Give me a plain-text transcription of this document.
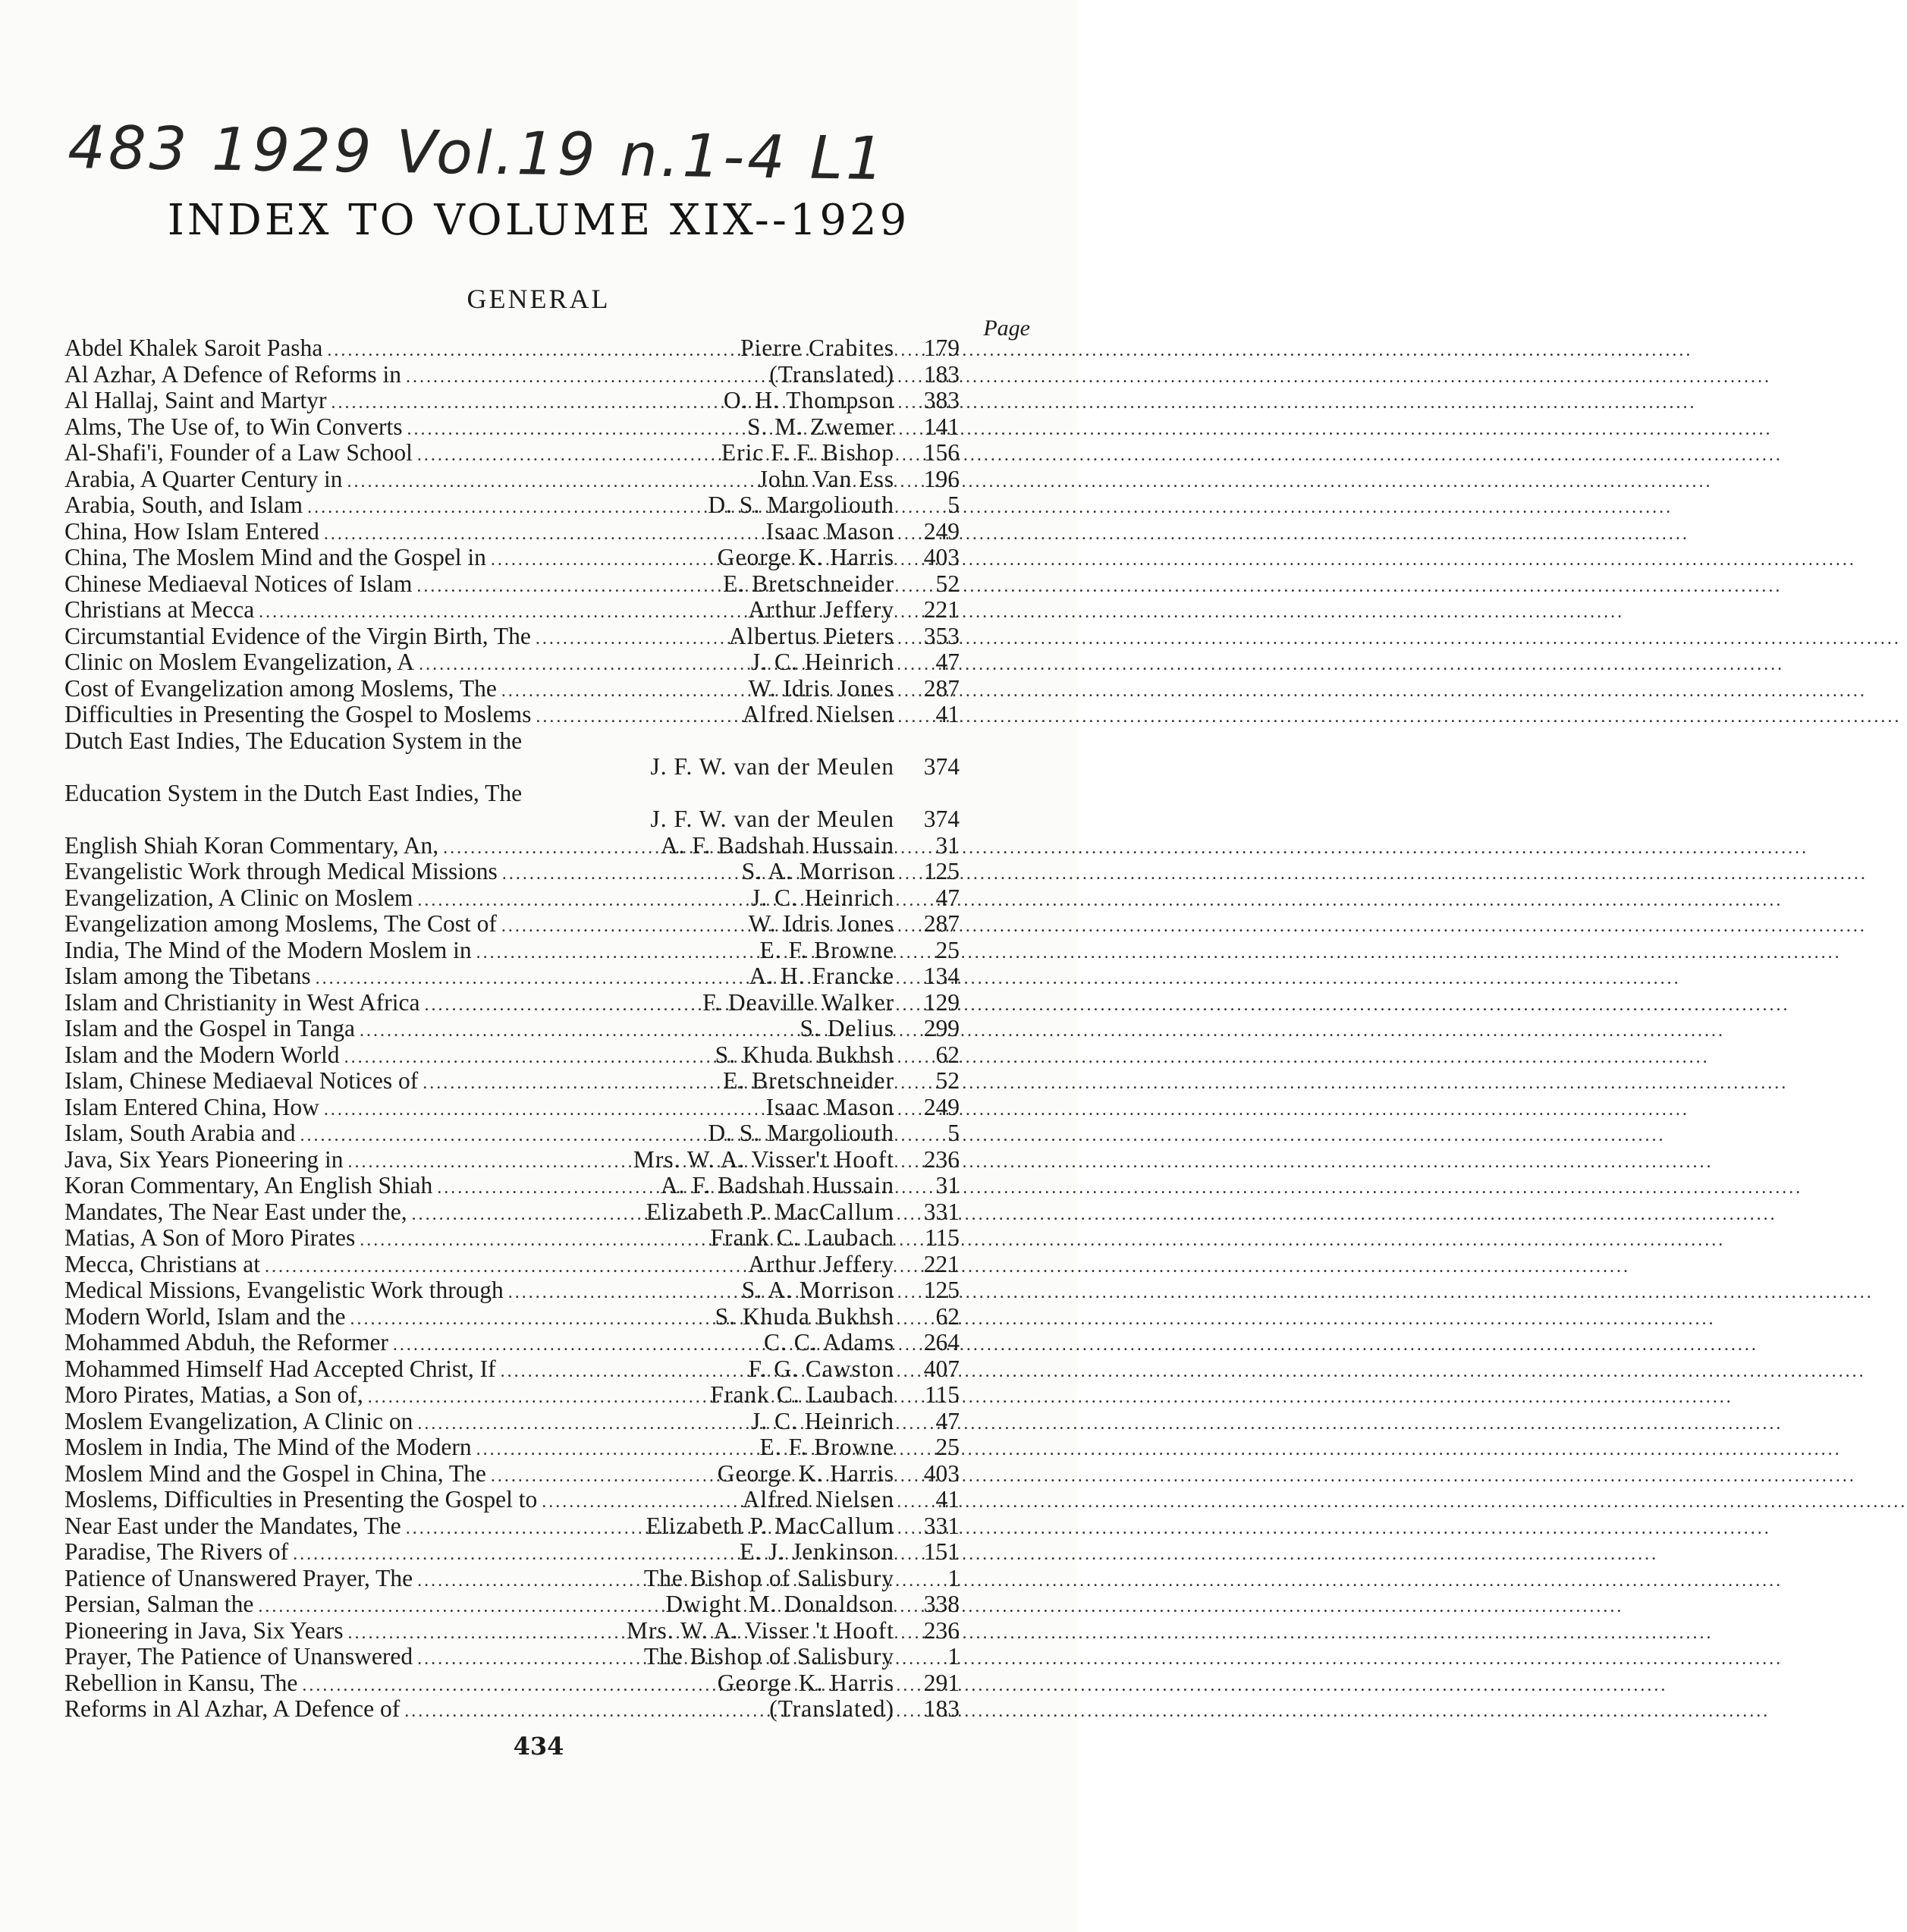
483 1929 Vol.19 n.1-4 L1
INDEX TO VOLUME XIX--1929
GENERAL
Page
Abdel Khalek Saroit Pasha .....	Pierre Crabites	179
Al Azhar, A Defence of Reforms in .....	(Translated)	183
Al Hallaj, Saint and Martyr .....	O. H. Thompson	383
Alms, The Use of, to Win Converts .....	S. M. Zwemer	141
Al-Shafi'i, Founder of a Law School .....	Eric F. F. Bishop	156
Arabia, A Quarter Century in .....	John Van Ess	196
Arabia, South, and Islam .....	D. S. Margoliouth	5
China, How Islam Entered .....	Isaac Mason	249
China, The Moslem Mind and the Gospel in .....	George K. Harris	403
Chinese Mediaeval Notices of Islam .....	E. Bretschneider	52
Christians at Mecca .....	Arthur Jeffery	221
Circumstantial Evidence of the Virgin Birth, The .....	Albertus Pieters	353
Clinic on Moslem Evangelization, A .....	J. C. Heinrich	47
Cost of Evangelization among Moslems, The .....	W. Idris Jones	287
Difficulties in Presenting the Gospel to Moslems .....	Alfred Nielsen	41
Dutch East Indies, The Education System in the
J. F. W. van der Meulen	374
Education System in the Dutch East Indies, The
J. F. W. van der Meulen	374
English Shiah Koran Commentary, An, .....	A. F. Badshah Hussain	31
Evangelistic Work through Medical Missions .....	S. A. Morrison	125
Evangelization, A Clinic on Moslem .....	J. C. Heinrich	47
Evangelization among Moslems, The Cost of .....	W. Idris Jones	287
India, The Mind of the Modern Moslem in .....	E. F. Browne	25
Islam among the Tibetans .....	A. H. Francke	134
Islam and Christianity in West Africa .....	F. Deaville Walker	129
Islam and the Gospel in Tanga .....	S. Delius	299
Islam and the Modern World .....	S. Khuda Bukhsh	62
Islam, Chinese Mediaeval Notices of .....	E. Bretschneider	52
Islam Entered China, How .....	Isaac Mason	249
Islam, South Arabia and .....	D. S. Margoliouth	5
Java, Six Years Pioneering in .....	Mrs. W. A. Visser't Hooft	236
Koran Commentary, An English Shiah .....	A. F. Badshah Hussain	31
Mandates, The Near East under the, .....	Elizabeth P. MacCallum	331
Matias, A Son of Moro Pirates .....	Frank C. Laubach	115
Mecca, Christians at .....	Arthur Jeffery	221
Medical Missions, Evangelistic Work through .....	S. A. Morrison	125
Modern World, Islam and the .....	S. Khuda Bukhsh	62
Mohammed Abduh, the Reformer .....	C. C. Adams	264
Mohammed Himself Had Accepted Christ, If .....	F. G. Cawston	407
Moro Pirates, Matias, a Son of, .....	Frank C. Laubach	115
Moslem Evangelization, A Clinic on .....	J. C. Heinrich	47
Moslem in India, The Mind of the Modern .....	E. F. Browne	25
Moslem Mind and the Gospel in China, The .....	George K. Harris	403
Moslems, Difficulties in Presenting the Gospel to .....	Alfred Nielsen	41
Near East under the Mandates, The .....	Elizabeth P. MacCallum	331
Paradise, The Rivers of .....	E. J. Jenkinson	151
Patience of Unanswered Prayer, The .....	The Bishop of Salisbury	1
Persian, Salman the .....	Dwight M. Donaldson	338
Pioneering in Java, Six Years .....	Mrs. W. A. Visser 't Hooft	236
Prayer, The Patience of Unanswered .....	The Bishop of Salisbury	1
Rebellion in Kansu, The .....	George K. Harris	291
Reforms in Al Azhar, A Defence of .....	(Translated)	183
434
